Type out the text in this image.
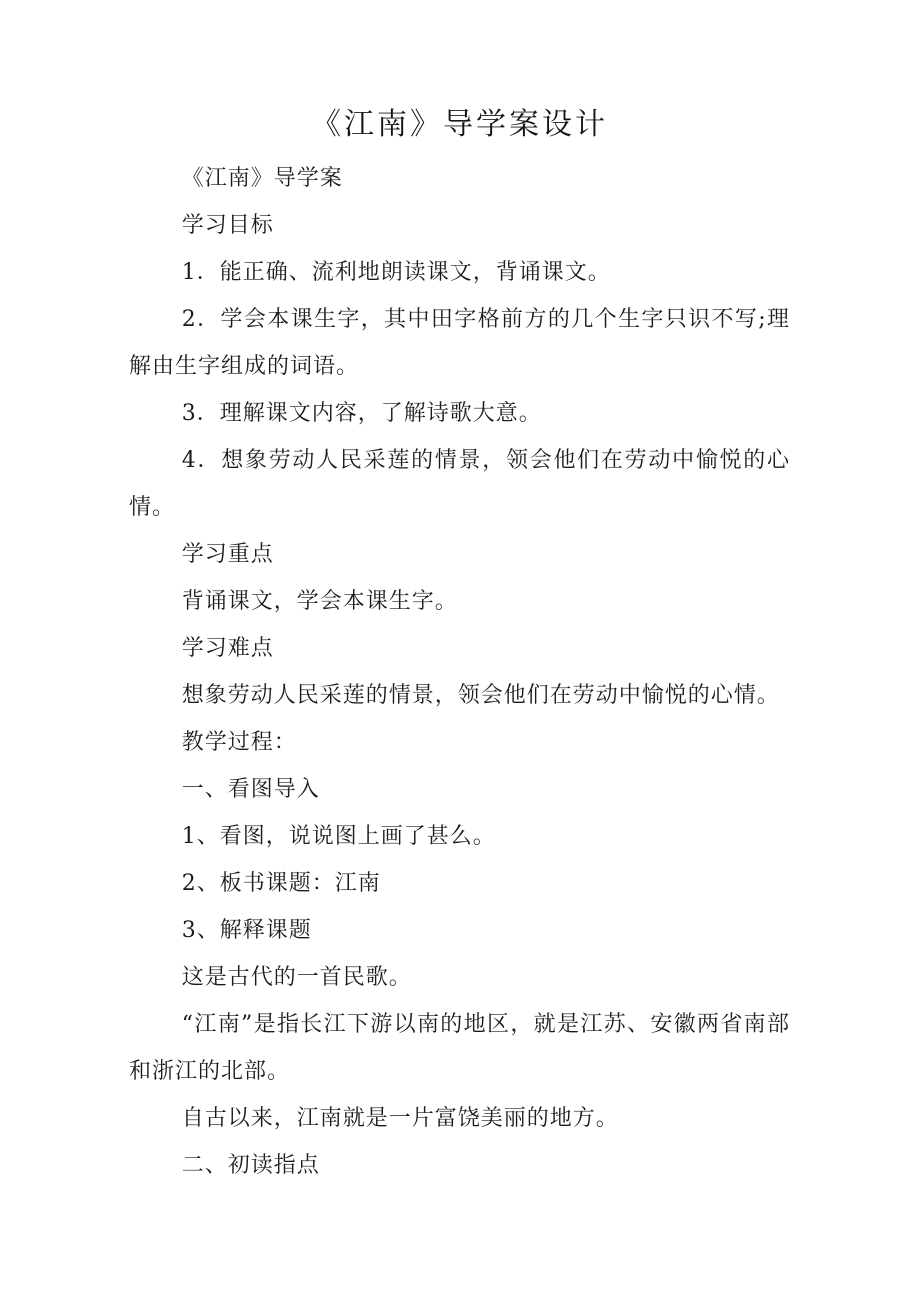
《江南》导学案设计

《江南》导学案

学习目标

1．能正确、流利地朗读课文，背诵课文。

2．学会本课生字，其中田字格前方的几个生字只识不写;理解由生字组成的词语。

3．理解课文内容，了解诗歌大意。

4．想象劳动人民采莲的情景，领会他们在劳动中愉悦的心情。

学习重点

背诵课文，学会本课生字。

学习难点

想象劳动人民采莲的情景，领会他们在劳动中愉悦的心情。

教学过程：

一、看图导入

1、看图，说说图上画了甚么。

2、板书课题：江南

3、解释课题

这是古代的一首民歌。

“江南”是指长江下游以南的地区，就是江苏、安徽两省南部和浙江的北部。

自古以来，江南就是一片富饶美丽的地方。

二、初读指点
